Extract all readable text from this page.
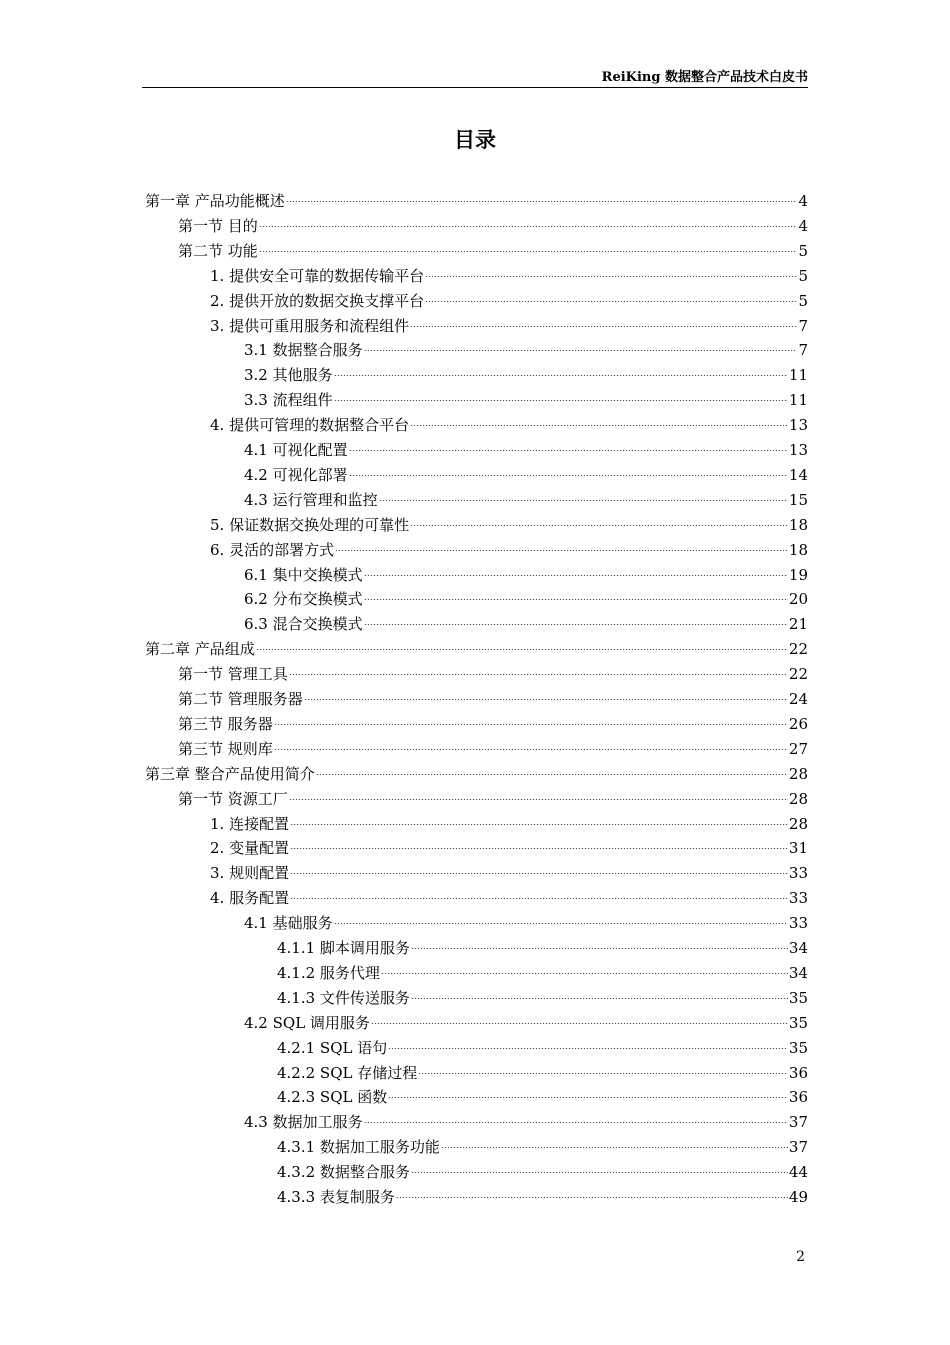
ReiKing 数据整合产品技术白皮书
目录
第一章 产品功能概述	4
第一节 目的	4
第二节 功能	5
1. 提供安全可靠的数据传输平台	5
2. 提供开放的数据交换支撑平台	5
3. 提供可重用服务和流程组件	7
3.1 数据整合服务	7
3.2 其他服务	11
3.3 流程组件	11
4. 提供可管理的数据整合平台	13
4.1 可视化配置	13
4.2 可视化部署	14
4.3 运行管理和监控	15
5. 保证数据交换处理的可靠性	18
6. 灵活的部署方式	18
6.1 集中交换模式	19
6.2 分布交换模式	20
6.3 混合交换模式	21
第二章 产品组成	22
第一节 管理工具	22
第二节 管理服务器	24
第三节 服务器	26
第三节 规则库	27
第三章 整合产品使用简介	28
第一节 资源工厂	28
1. 连接配置	28
2. 变量配置	31
3. 规则配置	33
4. 服务配置	33
4.1 基础服务	33
4.1.1 脚本调用服务	34
4.1.2 服务代理	34
4.1.3 文件传送服务	35
4.2 SQL 调用服务	35
4.2.1 SQL 语句	35
4.2.2 SQL 存储过程	36
4.2.3 SQL 函数	36
4.3 数据加工服务	37
4.3.1 数据加工服务功能	37
4.3.2 数据整合服务	44
4.3.3 表复制服务	49
2
